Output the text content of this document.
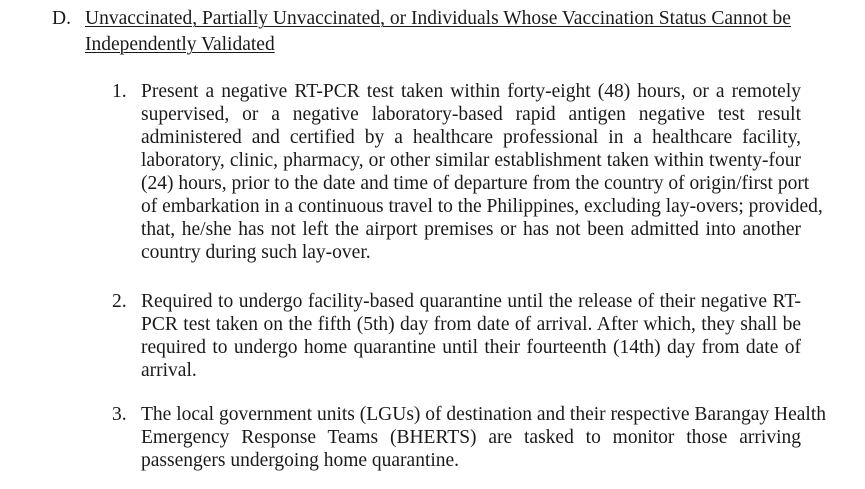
D. Unvaccinated, Partially Unvaccinated, or Individuals Whose Vaccination Status Cannot be
Independently Validated
1. Present a negative RT-PCR test taken within forty-eight (48) hours, or a remotely
supervised, or a negative laboratory-based rapid antigen negative test result
administered and certified by a healthcare professional in a healthcare facility,
laboratory, clinic, pharmacy, or other similar establishment taken within twenty-four
(24) hours, prior to the date and time of departure from the country of origin/first port
of embarkation in a continuous travel to the Philippines, excluding lay-overs; provided,
that, he/she has not left the airport premises or has not been admitted into another
country during such lay-over.
2. Required to undergo facility-based quarantine until the release of their negative RT-
PCR test taken on the fifth (5th) day from date of arrival. After which, they shall be
required to undergo home quarantine until their fourteenth (14th) day from date of
arrival.
3. The local government units (LGUs) of destination and their respective Barangay Health
Emergency Response Teams (BHERTS) are tasked to monitor those arriving
passengers undergoing home quarantine.
